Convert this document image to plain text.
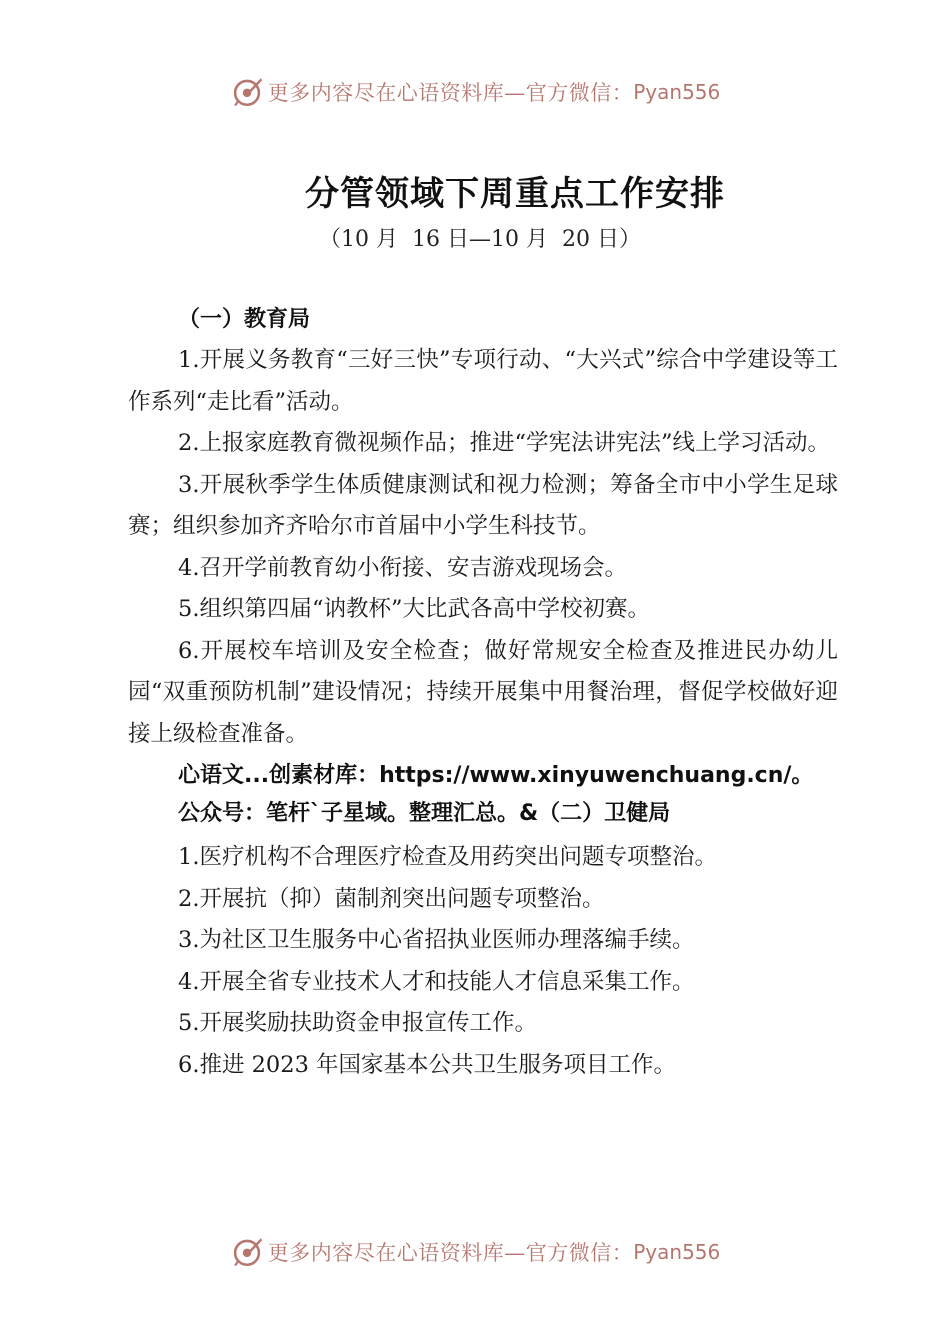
更多内容尽在心语资料库—官方微信： Pyan556
分管领域下周重点工作安排

（10 月  16 日—10 月  20 日）

（一）教育局

1.开展义务教育“三好三快”专项行动、“大兴式”综合中学建设等工作系列“走比看”活动。

2.上报家庭教育微视频作品；推进“学宪法讲宪法”线上学习活动。

3.开展秋季学生体质健康测试和视力检测；筹备全市中小学生足球赛；组织参加齐齐哈尔市首届中小学生科技节。

4.召开学前教育幼小衔接、安吉游戏现场会。

5.组织第四届“讷教杯”大比武各高中学校初赛。

6.开展校车培训及安全检查；做好常规安全检查及推进民办幼儿园“双重预防机制”建设情况；持续开展集中用餐治理，督促学校做好迎接上级检查准备。

心语文...创素材库：https://www.xinyuwenchuang.cn/。

公众号：笔杆`子星域。整理汇总。&（二）卫健局

1.医疗机构不合理医疗检查及用药突出问题专项整治。

2.开展抗（抑）菌制剂突出问题专项整治。

3.为社区卫生服务中心省招执业医师办理落编手续。

4.开展全省专业技术人才和技能人才信息采集工作。

5.开展奖励扶助资金申报宣传工作。

6.推进 2023 年国家基本公共卫生服务项目工作。

更多内容尽在心语资料库—官方微信： Pyan556
